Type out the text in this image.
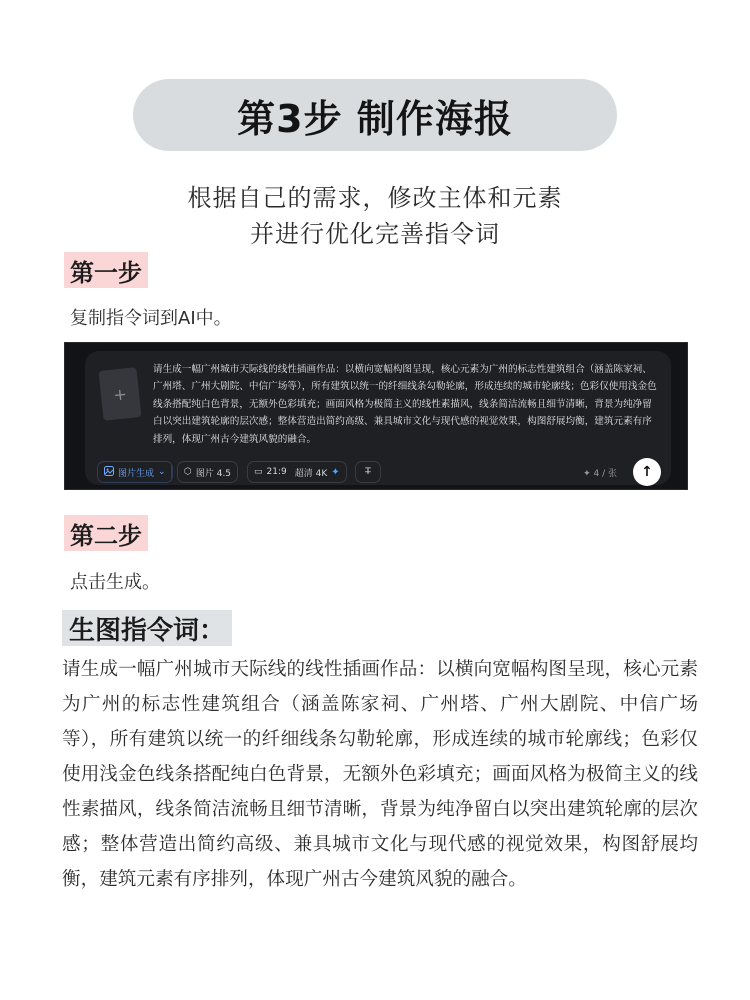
第3步 制作海报
根据自己的需求，修改主体和元素
并进行优化完善指令词
第一步
复制指令词到AI中。
+
请生成一幅广州城市天际线的线性插画作品：以横向宽幅构图呈现，核心元素为广州的标志性建筑组合（涵盖陈家祠、广州塔、广州大剧院、中信广场等），所有建筑以统一的纤细线条勾勒轮廓，形成连续的城市轮廓线；色彩仅使用浅金色线条搭配纯白色背景，无额外色彩填充；画面风格为极简主义的线性素描风，线条简洁流畅且细节清晰，背景为纯净留白以突出建筑轮廓的层次感；整体营造出简约高级、兼具城市文化与现代感的视觉效果，构图舒展均衡，建筑元素有序排列，体现广州古今建筑风貌的融合。
图片生成 ⌄ ⬡ 图片 4.5	▭ 21:9 超清 4K ✦	T̶	✦ 4 / 张 ↑
第二步
点击生成。
生图指令词：
请生成一幅广州城市天际线的线性插画作品：以横向宽幅构图呈现，核心元素为广州的标志性建筑组合（涵盖陈家祠、广州塔、广州大剧院、中信广场等），所有建筑以统一的纤细线条勾勒轮廓，形成连续的城市轮廓线；色彩仅使用浅金色线条搭配纯白色背景，无额外色彩填充；画面风格为极简主义的线性素描风，线条简洁流畅且细节清晰，背景为纯净留白以突出建筑轮廓的层次感；整体营造出简约高级、兼具城市文化与现代感的视觉效果，构图舒展均衡，建筑元素有序排列，体现广州古今建筑风貌的融合。
